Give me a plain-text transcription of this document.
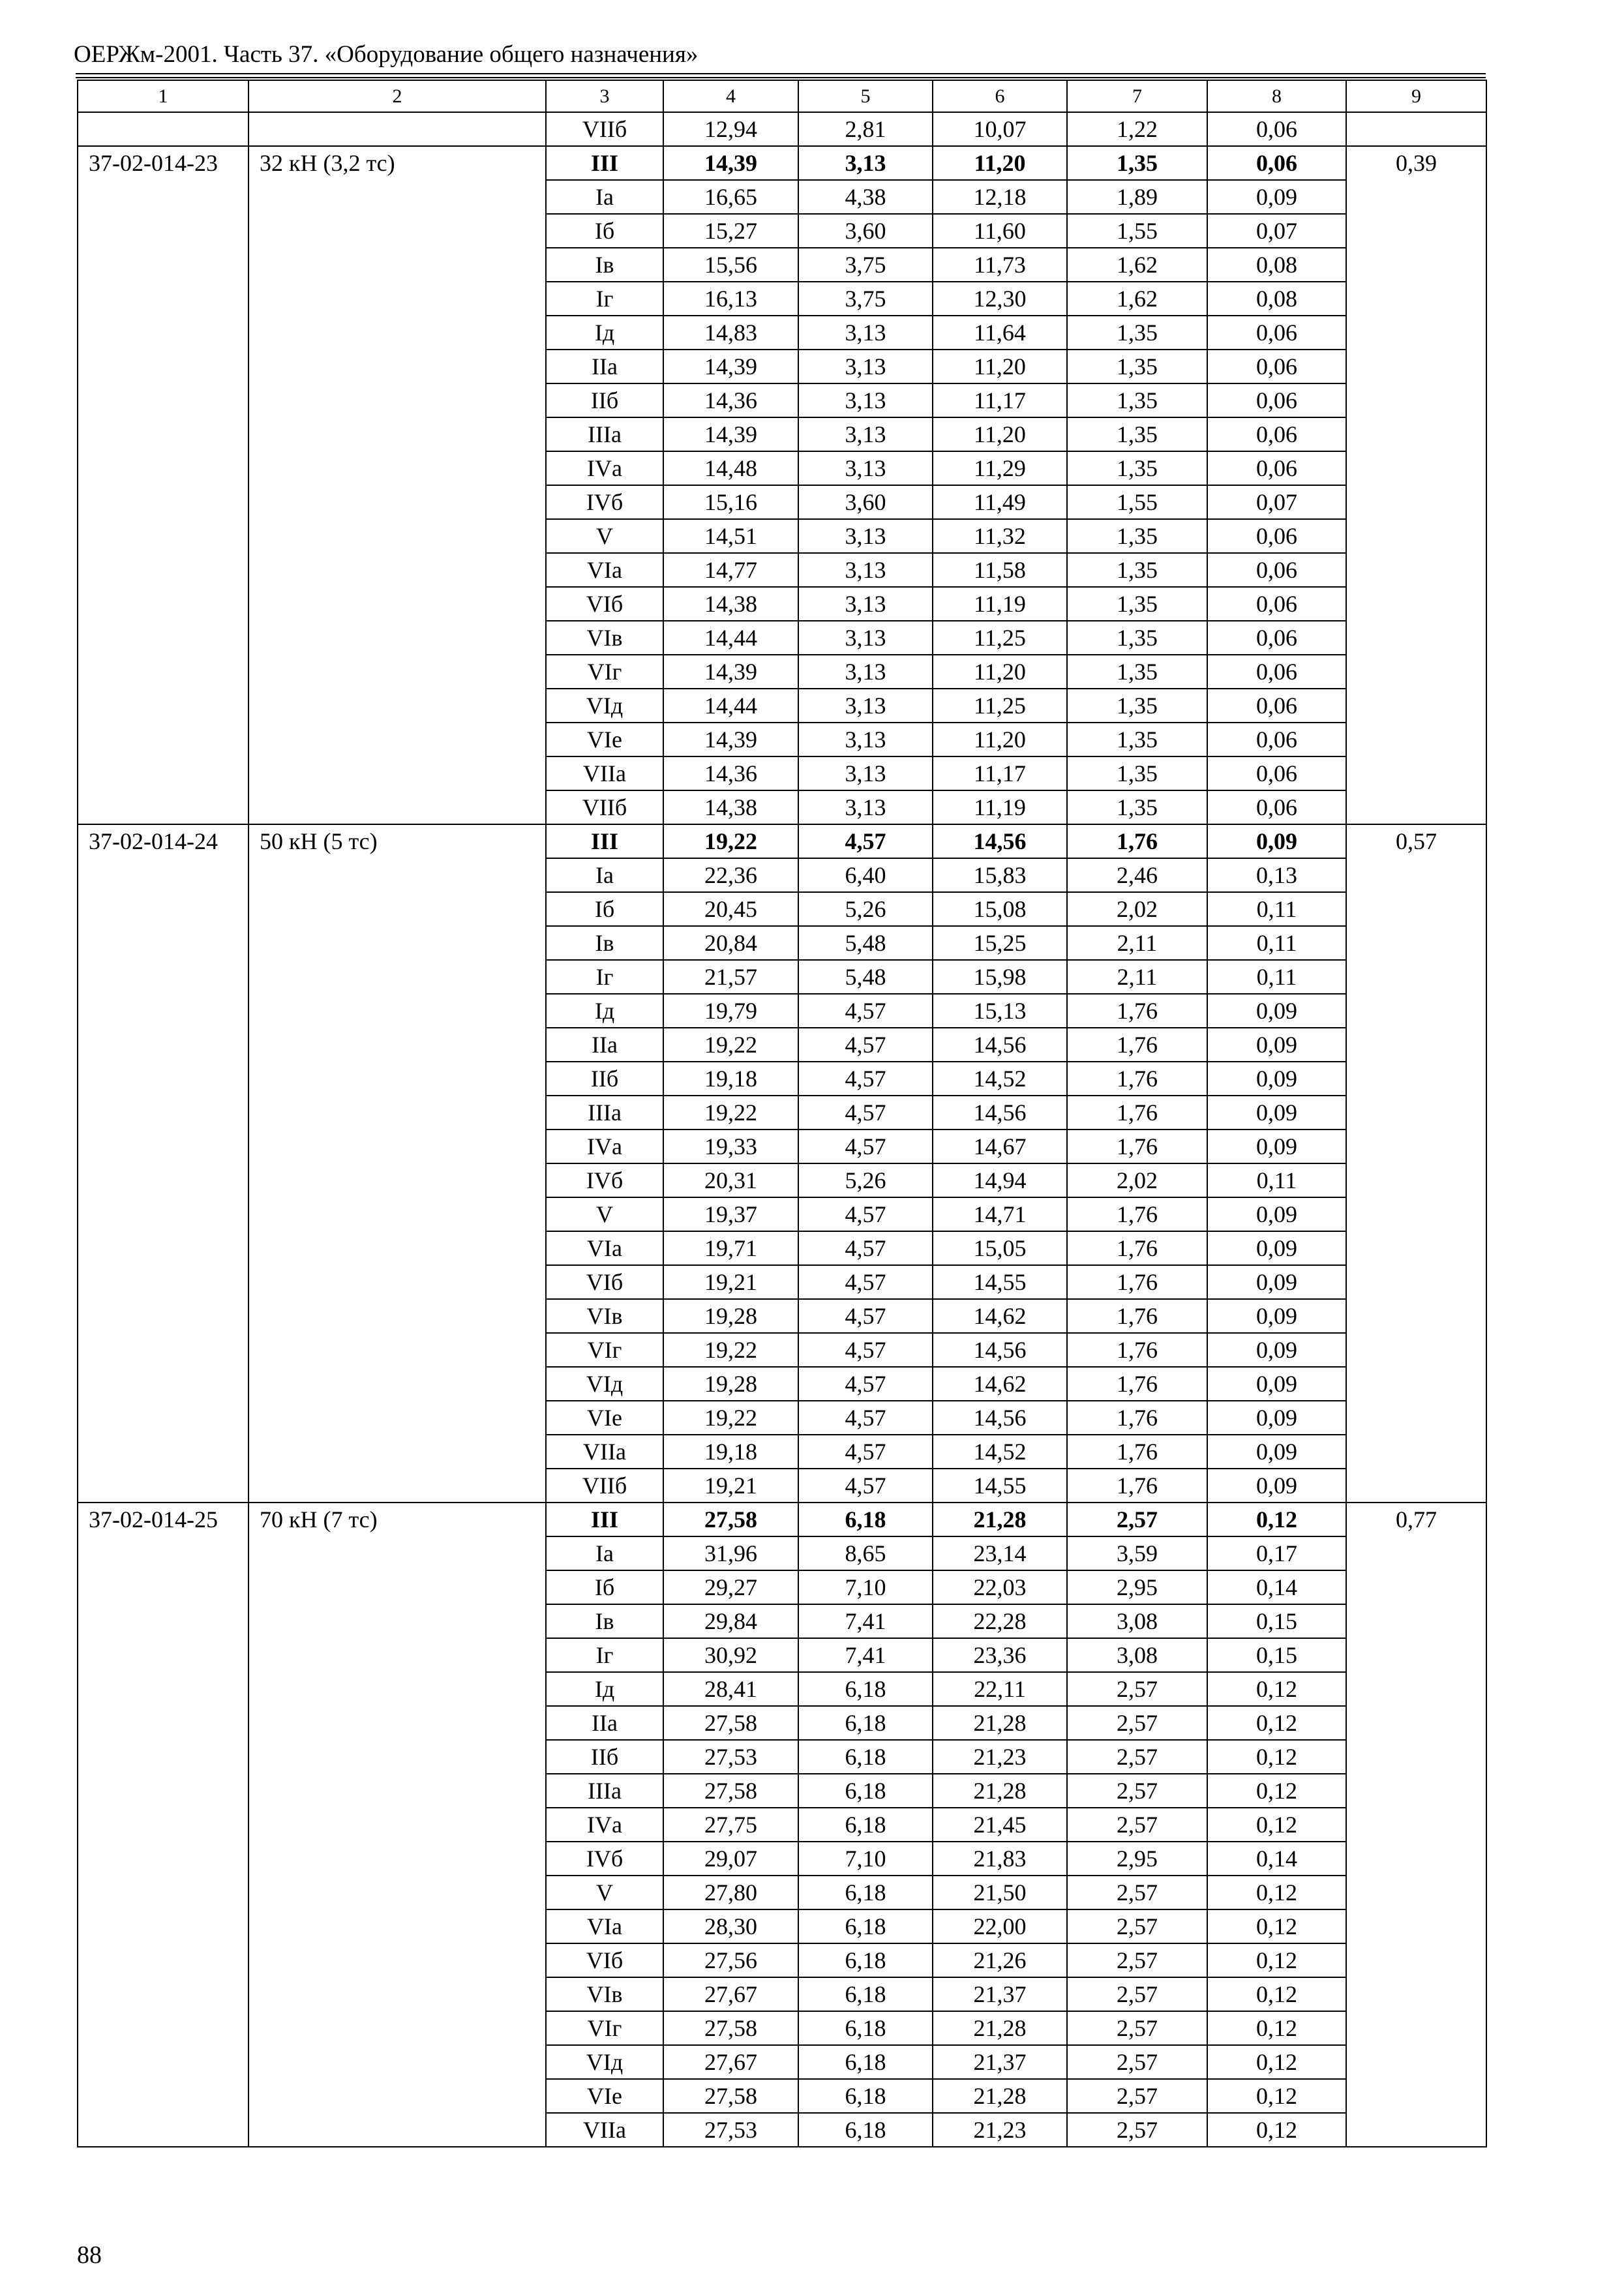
ОЕРЖм-2001. Часть 37. «Оборудование общего назначения»
1	2	3	4	5	6	7	8	9
		VIIб	12,94	2,81	10,07	1,22	0,06	
37-02-014-23	32 кН (3,2 тс)	III	14,39	3,13	11,20	1,35	0,06	0,39
		Iа	16,65	4,38	12,18	1,89	0,09	
		Iб	15,27	3,60	11,60	1,55	0,07	
		Iв	15,56	3,75	11,73	1,62	0,08	
		Iг	16,13	3,75	12,30	1,62	0,08	
		Iд	14,83	3,13	11,64	1,35	0,06	
		IIа	14,39	3,13	11,20	1,35	0,06	
		IIб	14,36	3,13	11,17	1,35	0,06	
		IIIа	14,39	3,13	11,20	1,35	0,06	
		IVа	14,48	3,13	11,29	1,35	0,06	
		IVб	15,16	3,60	11,49	1,55	0,07	
		V	14,51	3,13	11,32	1,35	0,06	
		VIа	14,77	3,13	11,58	1,35	0,06	
		VIб	14,38	3,13	11,19	1,35	0,06	
		VIв	14,44	3,13	11,25	1,35	0,06	
		VIг	14,39	3,13	11,20	1,35	0,06	
		VIд	14,44	3,13	11,25	1,35	0,06	
		VIе	14,39	3,13	11,20	1,35	0,06	
		VIIа	14,36	3,13	11,17	1,35	0,06	
		VIIб	14,38	3,13	11,19	1,35	0,06	
37-02-014-24	50 кН (5 тс)	III	19,22	4,57	14,56	1,76	0,09	0,57
		Iа	22,36	6,40	15,83	2,46	0,13	
		Iб	20,45	5,26	15,08	2,02	0,11	
		Iв	20,84	5,48	15,25	2,11	0,11	
		Iг	21,57	5,48	15,98	2,11	0,11	
		Iд	19,79	4,57	15,13	1,76	0,09	
		IIа	19,22	4,57	14,56	1,76	0,09	
		IIб	19,18	4,57	14,52	1,76	0,09	
		IIIа	19,22	4,57	14,56	1,76	0,09	
		IVа	19,33	4,57	14,67	1,76	0,09	
		IVб	20,31	5,26	14,94	2,02	0,11	
		V	19,37	4,57	14,71	1,76	0,09	
		VIа	19,71	4,57	15,05	1,76	0,09	
		VIб	19,21	4,57	14,55	1,76	0,09	
		VIв	19,28	4,57	14,62	1,76	0,09	
		VIг	19,22	4,57	14,56	1,76	0,09	
		VIд	19,28	4,57	14,62	1,76	0,09	
		VIе	19,22	4,57	14,56	1,76	0,09	
		VIIа	19,18	4,57	14,52	1,76	0,09	
		VIIб	19,21	4,57	14,55	1,76	0,09	
37-02-014-25	70 кН (7 тс)	III	27,58	6,18	21,28	2,57	0,12	0,77
		Iа	31,96	8,65	23,14	3,59	0,17	
		Iб	29,27	7,10	22,03	2,95	0,14	
		Iв	29,84	7,41	22,28	3,08	0,15	
		Iг	30,92	7,41	23,36	3,08	0,15	
		Iд	28,41	6,18	22,11	2,57	0,12	
		IIа	27,58	6,18	21,28	2,57	0,12	
		IIб	27,53	6,18	21,23	2,57	0,12	
		IIIа	27,58	6,18	21,28	2,57	0,12	
		IVа	27,75	6,18	21,45	2,57	0,12	
		IVб	29,07	7,10	21,83	2,95	0,14	
		V	27,80	6,18	21,50	2,57	0,12	
		VIа	28,30	6,18	22,00	2,57	0,12	
		VIб	27,56	6,18	21,26	2,57	0,12	
		VIв	27,67	6,18	21,37	2,57	0,12	
		VIг	27,58	6,18	21,28	2,57	0,12	
		VIд	27,67	6,18	21,37	2,57	0,12	
		VIе	27,58	6,18	21,28	2,57	0,12	
		VIIа	27,53	6,18	21,23	2,57	0,12	
88
